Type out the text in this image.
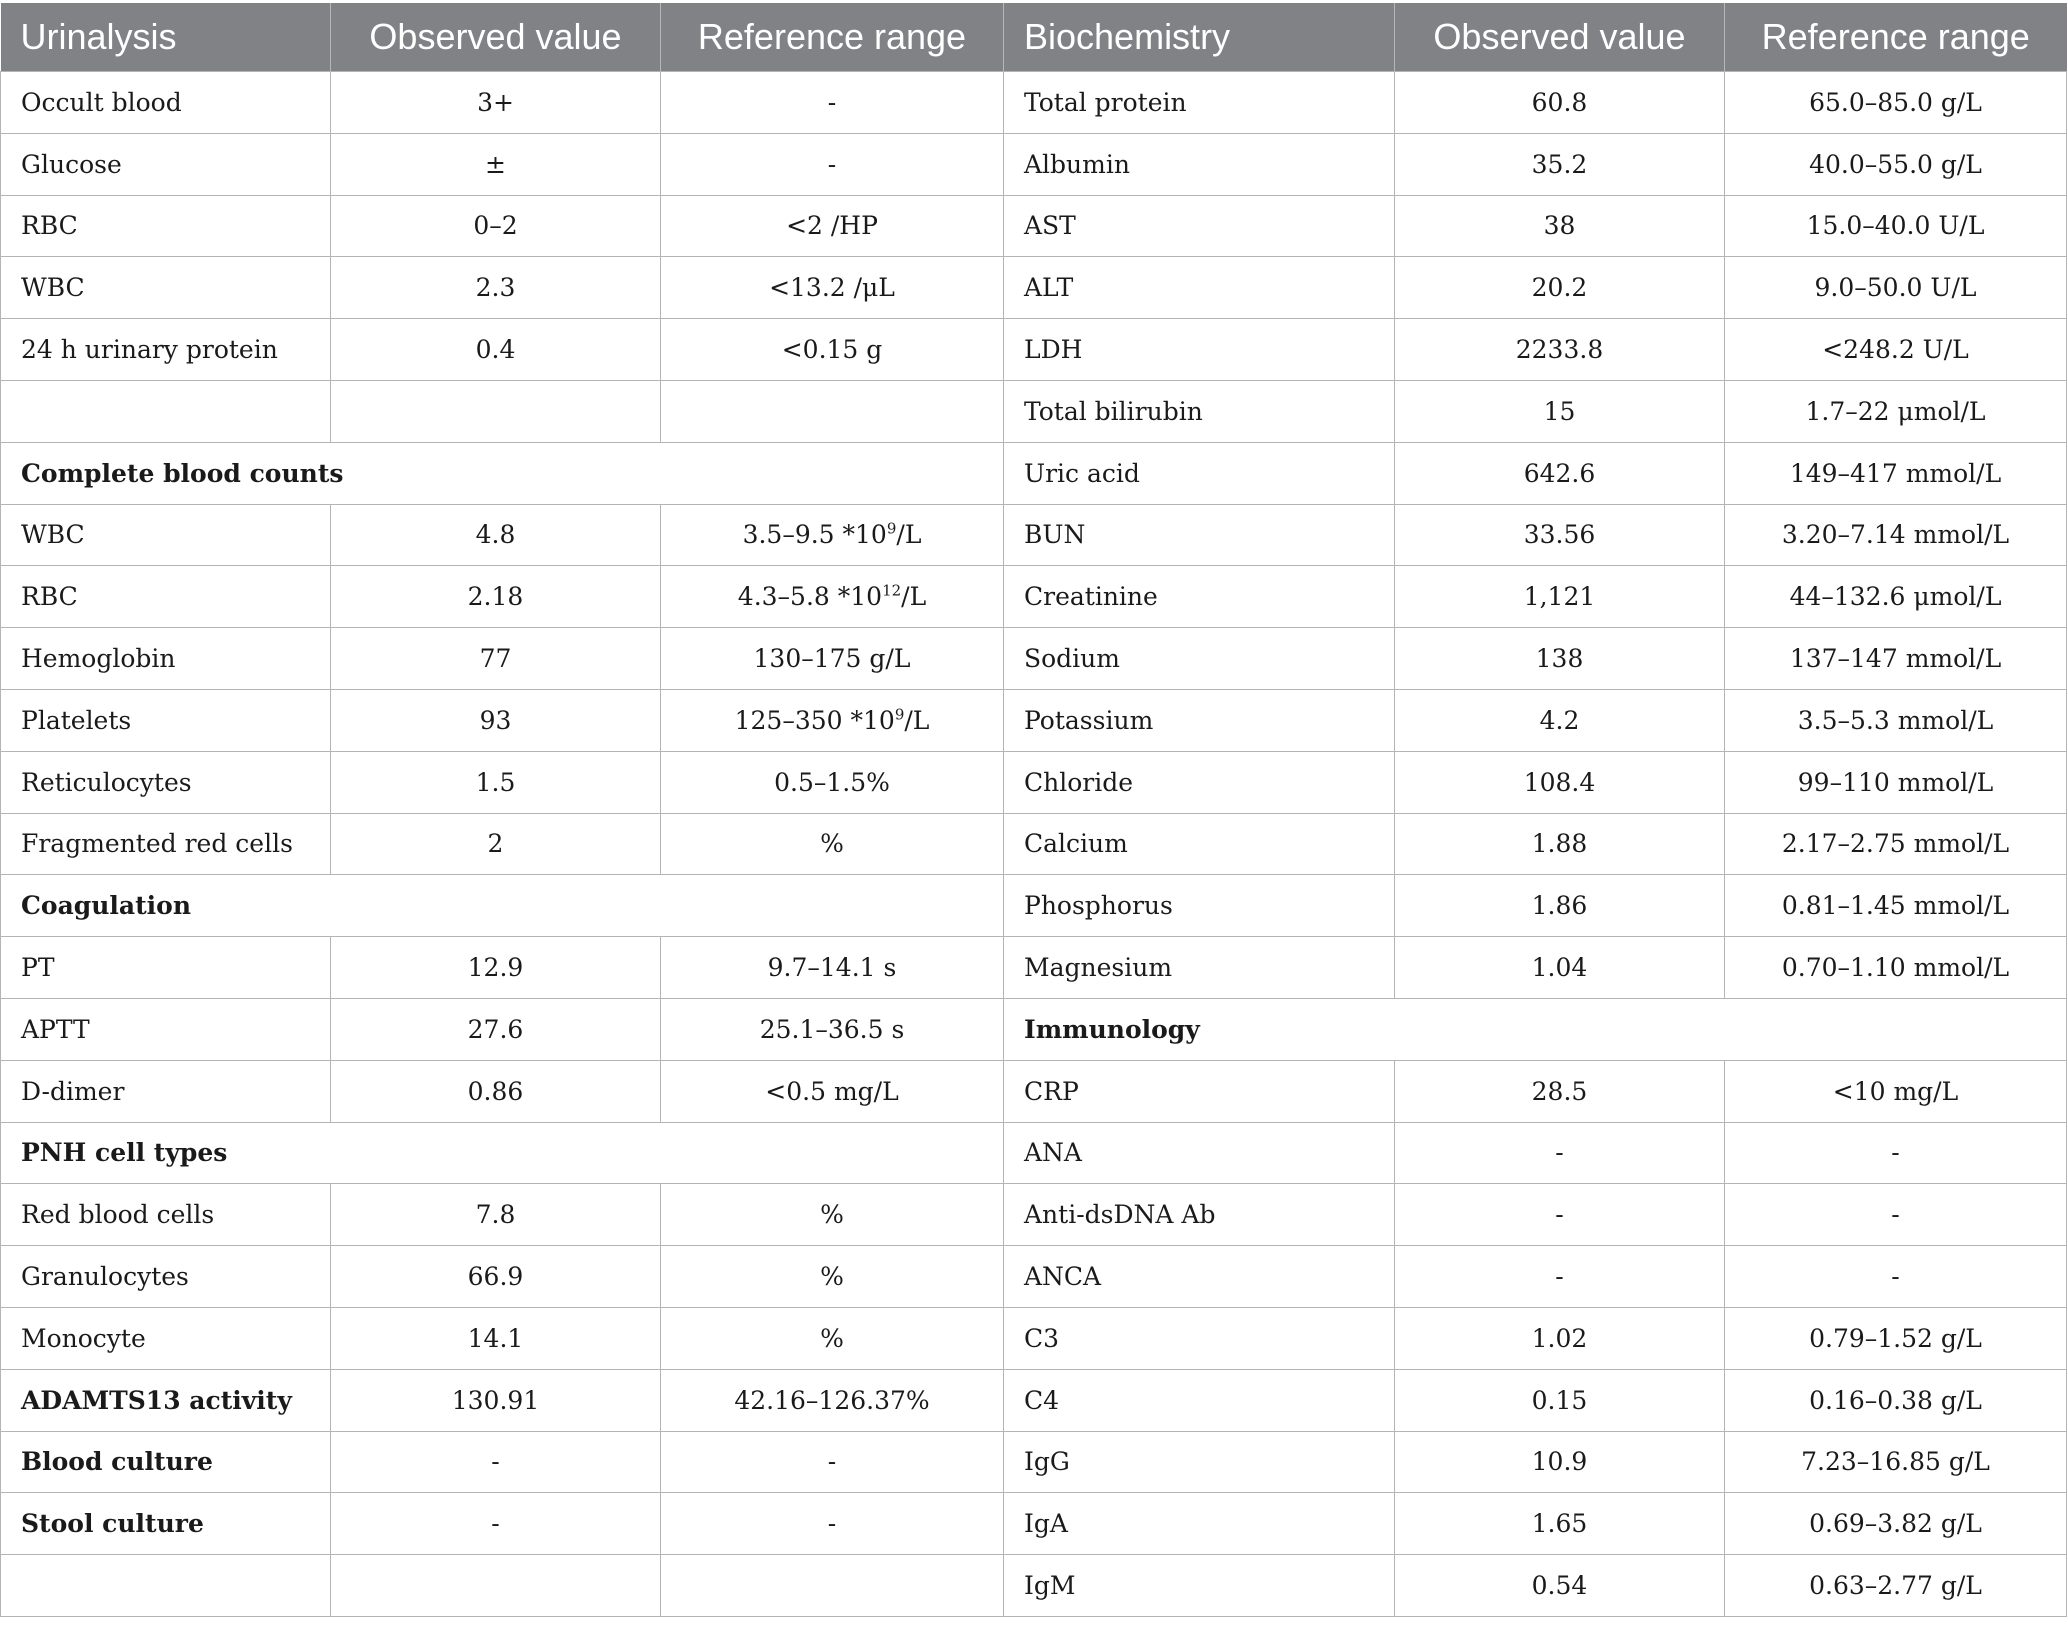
Urinalysis	Observed value	Reference range	Biochemistry	Observed value	Reference range
Occult blood	3+	-	Total protein	60.8	65.0–85.0 g/L
Glucose	±	-	Albumin	35.2	40.0–55.0 g/L
RBC	0–2	<2 /HP	AST	38	15.0–40.0 U/L
WBC	2.3	<13.2 /μL	ALT	20.2	9.0–50.0 U/L
24 h urinary protein	0.4	<0.15 g	LDH	2233.8	<248.2 U/L
			Total bilirubin	15	1.7–22 μmol/L
Complete blood counts			Uric acid	642.6	149–417 mmol/L
WBC	4.8	3.5–9.5 $*10^9/L$	BUN	33.56	3.20–7.14 mmol/L
RBC	2.18	4.3–5.8 $*10^{12}/L$	Creatinine	1,121	44–132.6 μmol/L
Hemoglobin	77	130–175 g/L	Sodium	138	137–147 mmol/L
Platelets	93	125–350 $*10^9/L$	Potassium	4.2	3.5–5.3 mmol/L
Reticulocytes	1.5	0.5–1.5%	Chloride	108.4	99–110 mmol/L
Fragmented red cells	2	%	Calcium	1.88	2.17–2.75 mmol/L
Coagulation			Phosphorus	1.86	0.81–1.45 mmol/L
PT	12.9	9.7–14.1 s	Magnesium	1.04	0.70–1.10 mmol/L
APTT	27.6	25.1–36.5 s	Immunology		
D-dimer	0.86	<0.5 mg/L	CRP	28.5	<10 mg/L
PNH cell types			ANA	-	-
Red blood cells	7.8	%	Anti-dsDNA Ab	-	-
Granulocytes	66.9	%	ANCA	-	-
Monocyte	14.1	%	C3	1.02	0.79–1.52 g/L
ADAMTS13 activity	130.91	42.16–126.37%	C4	0.15	0.16–0.38 g/L
Blood culture	-	-	IgG	10.9	7.23–16.85 g/L
Stool culture	-	-	IgA	1.65	0.69–3.82 g/L
			IgM	0.54	0.63–2.77 g/L
